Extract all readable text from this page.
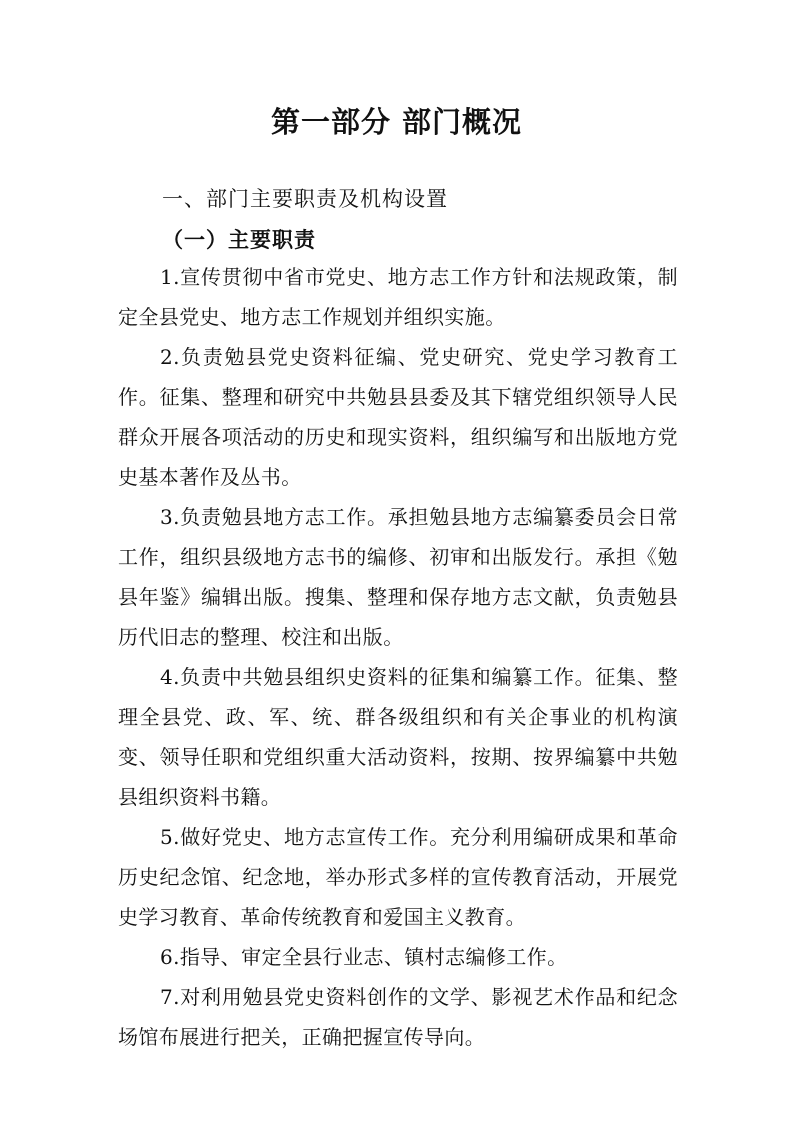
第一部分 部门概况
一、部门主要职责及机构设置
（一）主要职责

1.宣传贯彻中省市党史、地方志工作方针和法规政策，制定全县党史、地方志工作规划并组织实施。

2.负责勉县党史资料征编、党史研究、党史学习教育工作。征集、整理和研究中共勉县县委及其下辖党组织领导人民群众开展各项活动的历史和现实资料，组织编写和出版地方党史基本著作及丛书。

3.负责勉县地方志工作。承担勉县地方志编纂委员会日常工作，组织县级地方志书的编修、初审和出版发行。承担《勉县年鉴》编辑出版。搜集、整理和保存地方志文献，负责勉县历代旧志的整理、校注和出版。

4.负责中共勉县组织史资料的征集和编纂工作。征集、整理全县党、政、军、统、群各级组织和有关企事业的机构演变、领导任职和党组织重大活动资料，按期、按界编纂中共勉县组织资料书籍。

5.做好党史、地方志宣传工作。充分利用编研成果和革命历史纪念馆、纪念地，举办形式多样的宣传教育活动，开展党史学习教育、革命传统教育和爱国主义教育。

6.指导、审定全县行业志、镇村志编修工作。

7.对利用勉县党史资料创作的文学、影视艺术作品和纪念场馆布展进行把关，正确把握宣传导向。
